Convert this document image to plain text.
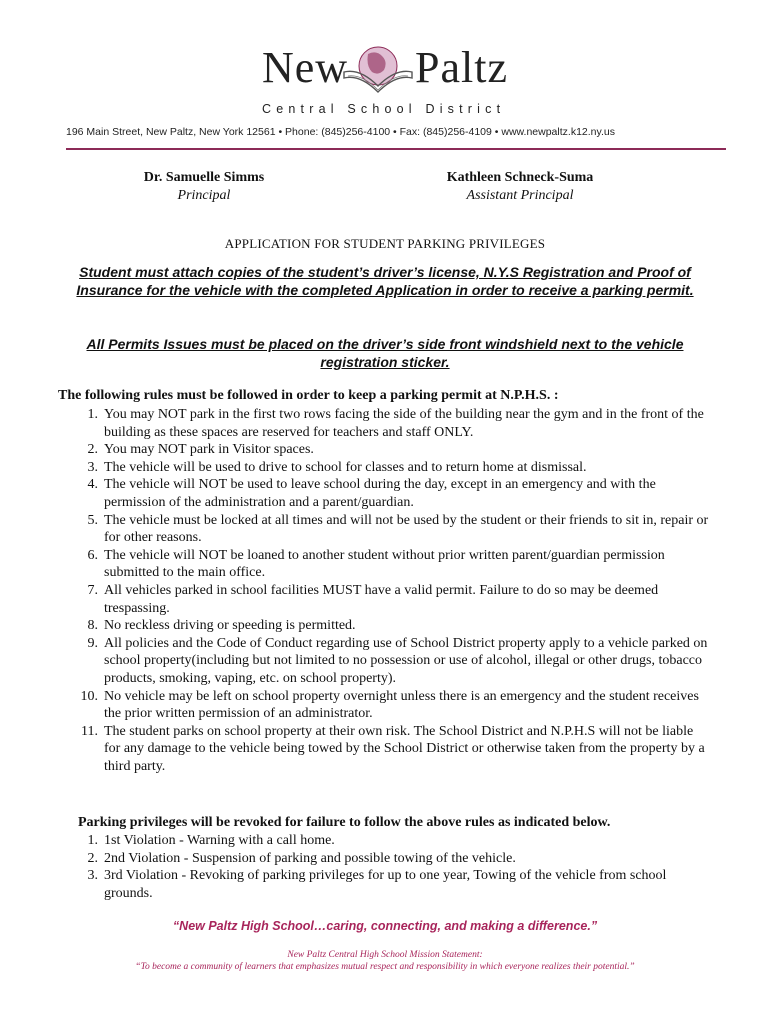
New Paltz
Central School District
196 Main Street, New Paltz, New York 12561 • Phone: (845)256-4100 • Fax: (845)256-4109 • www.newpaltz.k12.ny.us
Dr. Samuelle Simms
Principal
Kathleen Schneck-Suma
Assistant Principal
APPLICATION FOR STUDENT PARKING PRIVILEGES
Student must attach copies of the student’s driver’s license, N.Y.S Registration and Proof of Insurance for the vehicle with the completed Application in order to receive a parking permit.
All Permits Issues must be placed on the driver’s side front windshield next to the vehicle registration sticker.
The following rules must be followed in order to keep a parking permit at N.P.H.S. :
1. You may NOT park in the first two rows facing the side of the building near the gym and in the front of the building as these spaces are reserved for teachers and staff ONLY.
2. You may NOT park in Visitor spaces.
3. The vehicle will be used to drive to school for classes and to return home at dismissal.
4. The vehicle will NOT be used to leave school during the day, except in an emergency and with the permission of the administration and a parent/guardian.
5. The vehicle must be locked at all times and will not be used by the student or their friends to sit in, repair or for other reasons.
6. The vehicle will NOT be loaned to another student without prior written parent/guardian permission submitted to the main office.
7. All vehicles parked in school facilities MUST have a valid permit. Failure to do so may be deemed trespassing.
8. No reckless driving or speeding is permitted.
9. All policies and the Code of Conduct regarding use of School District property apply to a vehicle parked on school property(including but not limited to no possession or use of alcohol, illegal or other drugs, tobacco products, smoking, vaping, etc. on school property).
10. No vehicle may be left on school property overnight unless there is an emergency and the student receives the prior written permission of an administrator.
11. The student parks on school property at their own risk. The School District and N.P.H.S will not be liable for any damage to the vehicle being towed by the School District or otherwise taken from the property by a third party.
Parking privileges will be revoked for failure to follow the above rules as indicated below.
1. 1st Violation - Warning with a call home.
2. 2nd Violation - Suspension of parking and possible towing of the vehicle.
3. 3rd Violation - Revoking of parking privileges for up to one year, Towing of the vehicle from school grounds.
“New Paltz High School…caring, connecting, and making a difference.”
New Paltz Central High School Mission Statement:
“To become a community of learners that emphasizes mutual respect and responsibility in which everyone realizes their potential.”
